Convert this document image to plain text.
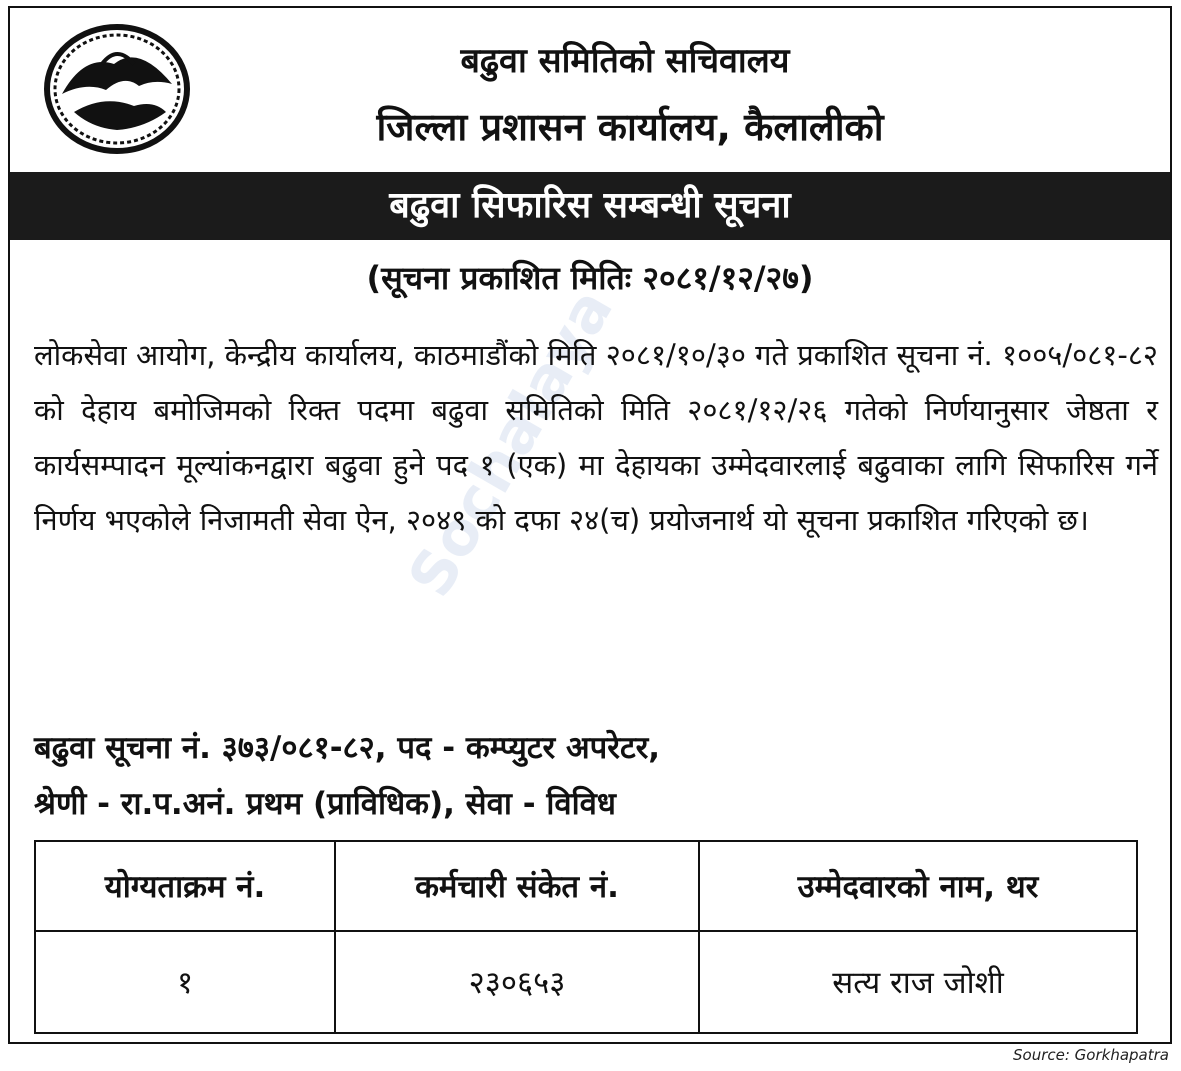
बढुवा समितिको सचिवालय
जिल्ला प्रशासन कार्यालय, कैलालीको
बढुवा सिफारिस सम्बन्धी सूचना
(सूचना प्रकाशित मितिः २०८१/१२/२७)
Sochalaya
लोकसेवा आयोग, केन्द्रीय कार्यालय, काठमाडौंको मिति २०८१/१०/३० गते प्रकाशित सूचना नं. १००५/०८१-८२ को देहाय बमोजिमको रिक्त पदमा बढुवा समितिको मिति २०८१/१२/२६ गतेको निर्णयानुसार जेष्ठता र कार्यसम्पादन मूल्यांकनद्वारा बढुवा हुने पद १ (एक) मा देहायका उम्मेदवारलाई बढुवाका लागि सिफारिस गर्ने निर्णय भएकोले निजामती सेवा ऐन, २०४९ को दफा २४(च) प्रयोजनार्थ यो सूचना प्रकाशित गरिएको छ।
बढुवा सूचना नं. ३७३/०८१-८२, पद - कम्प्युटर अपरेटर,
श्रेणी - रा.प.अनं. प्रथम (प्राविधिक), सेवा - विविध
योग्यताक्रम नं.	कर्मचारी संकेत नं.	उम्मेदवारको नाम, थर
१	२३०६५३	सत्य राज जोशी
Source: Gorkhapatra
